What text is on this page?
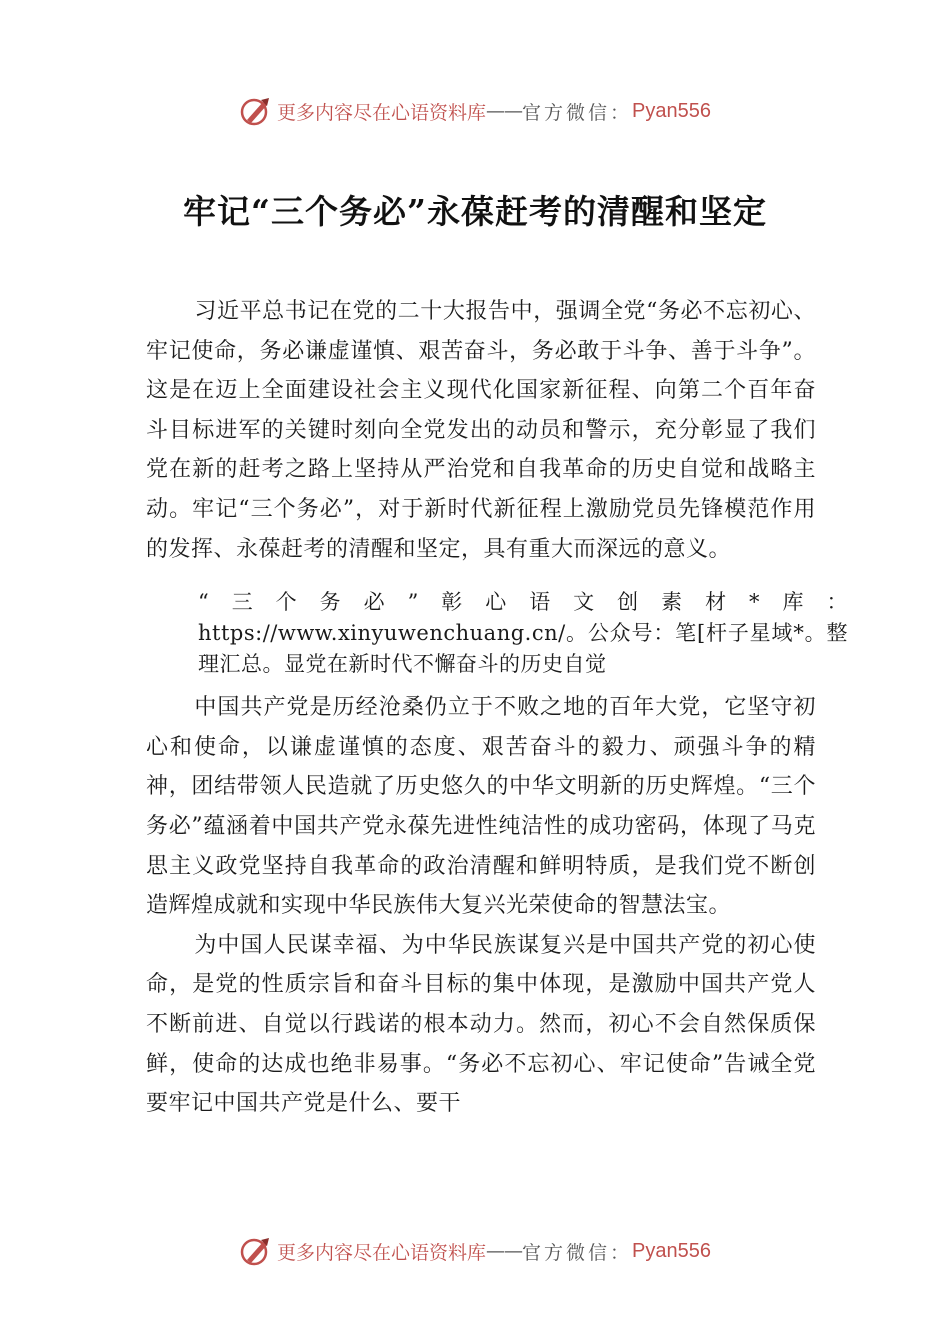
更多内容尽在心语资料库 — — 官方微信： Pyan556
牢记“三个务必”永葆赶考的清醒和坚定

习近平总书记在党的二十大报告中，强调全党“务必不忘初心、牢记使命，务必谦虚谨慎、艰苦奋斗，务必敢于斗争、善于斗争”。这是在迈上全面建设社会主义现代化国家新征程、向第二个百年奋斗目标进军的关键时刻向全党发出的动员和警示，充分彰显了我们党在新的赶考之路上坚持从严治党和自我革命的历史自觉和战略主动。牢记“三个务必”，对于新时代新征程上激励党员先锋模范作用的发挥、永葆赶考的清醒和坚定，具有重大而深远的意义。

“三个务必”彰心语文创素材*库：https://www.xinyuwenchuang.cn/。公众号：笔[杆子星域*。整理汇总。显党在新时代不懈奋斗的历史自觉

中国共产党是历经沧桑仍立于不败之地的百年大党，它坚守初心和使命，以谦虚谨慎的态度、艰苦奋斗的毅力、顽强斗争的精神，团结带领人民造就了历史悠久的中华文明新的历史辉煌。“三个务必”蕴涵着中国共产党永葆先进性纯洁性的成功密码，体现了马克思主义政党坚持自我革命的政治清醒和鲜明特质，是我们党不断创造辉煌成就和实现中华民族伟大复兴光荣使命的智慧法宝。

为中国人民谋幸福、为中华民族谋复兴是中国共产党的初心使命，是党的性质宗旨和奋斗目标的集中体现，是激励中国共产党人不断前进、自觉以行践诺的根本动力。然而，初心不会自然保质保鲜，使命的达成也绝非易事。“务必不忘初心、牢记使命”告诫全党要牢记中国共产党是什么、要干

更多内容尽在心语资料库 — — 官方微信： Pyan556
